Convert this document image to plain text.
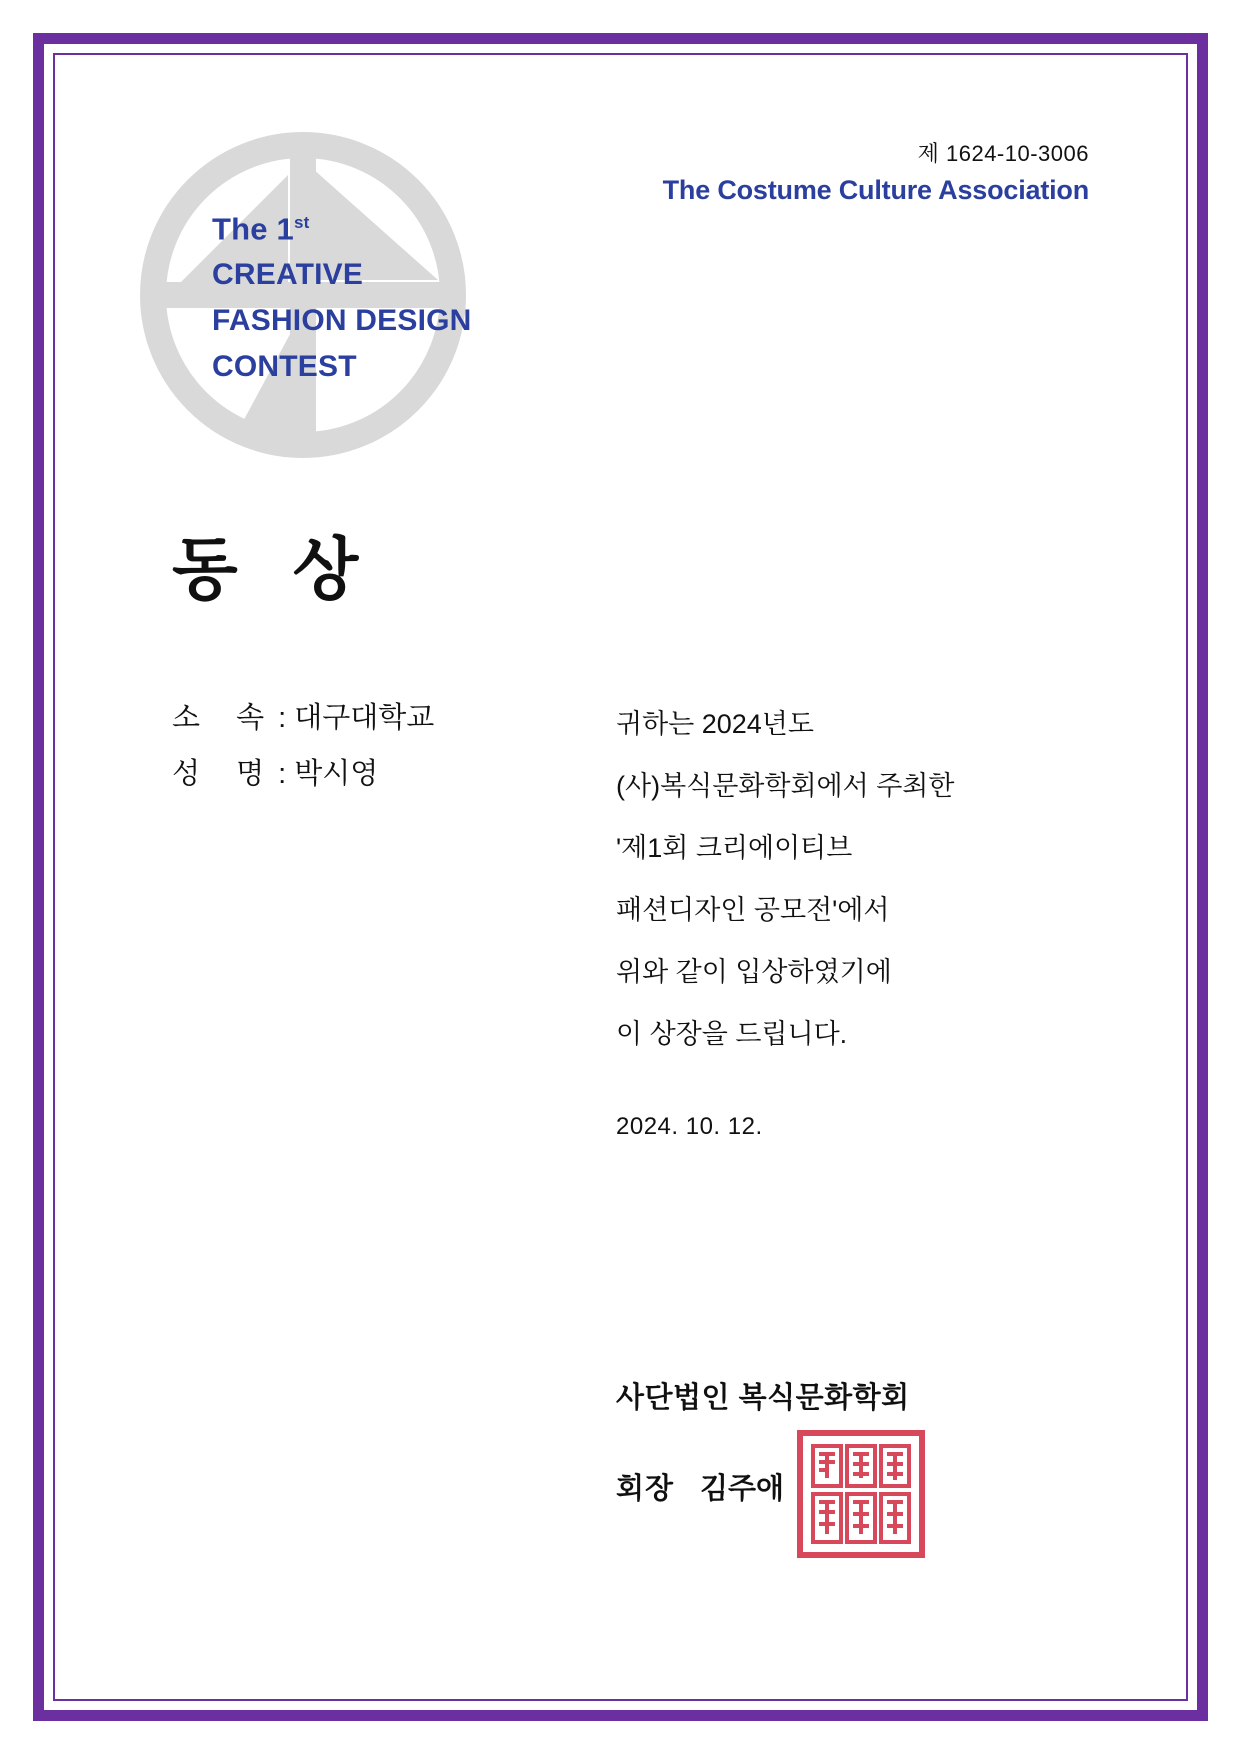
제 1624-10-3006
The Costume Culture Association
The 1st
CREATIVE
FASHION DESIGN
CONTEST
동 상
소 속: 대구대학교
성 명: 박시영
귀하는 2024년도
(사)복식문화학회에서 주최한
'제1회 크리에이티브
패션디자인 공모전'에서
위와 같이 입상하였기에
이 상장을 드립니다.
2024. 10. 12.
사단법인 복식문화학회
회장 김주애
